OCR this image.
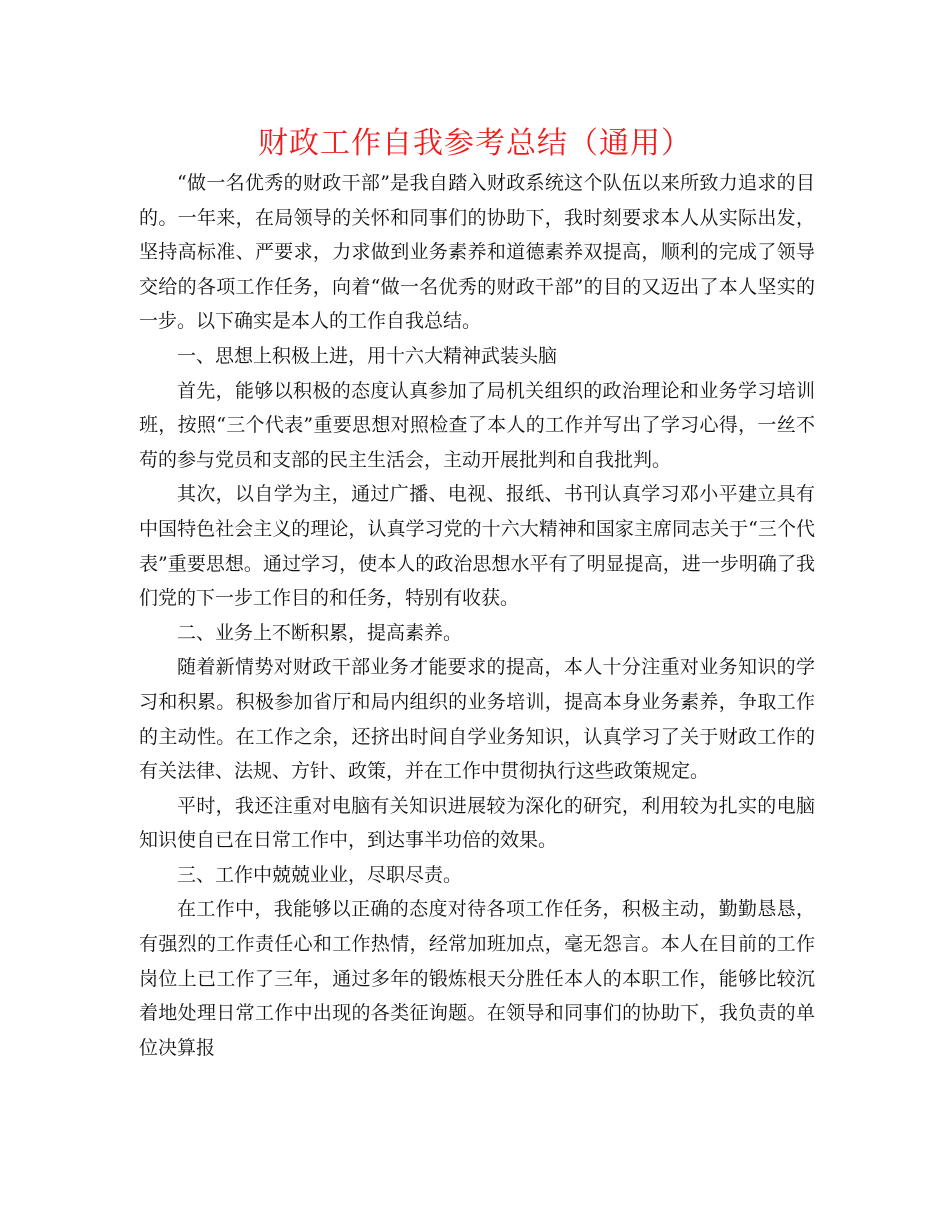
财政工作自我参考总结（通用）

“做一名优秀的财政干部”是我自踏入财政系统这个队伍以来所致力追求的目的。一年来，在局领导的关怀和同事们的协助下，我时刻要求本人从实际出发，坚持高标准、严要求，力求做到业务素养和道德素养双提高，顺利的完成了领导交给的各项工作任务，向着“做一名优秀的财政干部”的目的又迈出了本人坚实的一步。以下确实是本人的工作自我总结。

一、思想上积极上进，用十六大精神武装头脑

首先，能够以积极的态度认真参加了局机关组织的政治理论和业务学习培训班，按照“三个代表”重要思想对照检查了本人的工作并写出了学习心得，一丝不苟的参与党员和支部的民主生活会，主动开展批判和自我批判。

其次，以自学为主，通过广播、电视、报纸、书刊认真学习邓小平建立具有中国特色社会主义的理论，认真学习党的十六大精神和国家主席同志关于“三个代表”重要思想。通过学习，使本人的政治思想水平有了明显提高，进一步明确了我们党的下一步工作目的和任务，特别有收获。

二、业务上不断积累，提高素养。

随着新情势对财政干部业务才能要求的提高，本人十分注重对业务知识的学习和积累。积极参加省厅和局内组织的业务培训，提高本身业务素养，争取工作的主动性。在工作之余，还挤出时间自学业务知识，认真学习了关于财政工作的有关法律、法规、方针、政策，并在工作中贯彻执行这些政策规定。

平时，我还注重对电脑有关知识进展较为深化的研究，利用较为扎实的电脑知识使自已在日常工作中，到达事半功倍的效果。

三、工作中兢兢业业，尽职尽责。

在工作中，我能够以正确的态度对待各项工作任务，积极主动，勤勤恳恳，有强烈的工作责任心和工作热情，经常加班加点，毫无怨言。本人在目前的工作岗位上已工作了三年，通过多年的锻炼根天分胜任本人的本职工作，能够比较沉着地处理日常工作中出现的各类征询题。在领导和同事们的协助下，我负责的单位决算报
